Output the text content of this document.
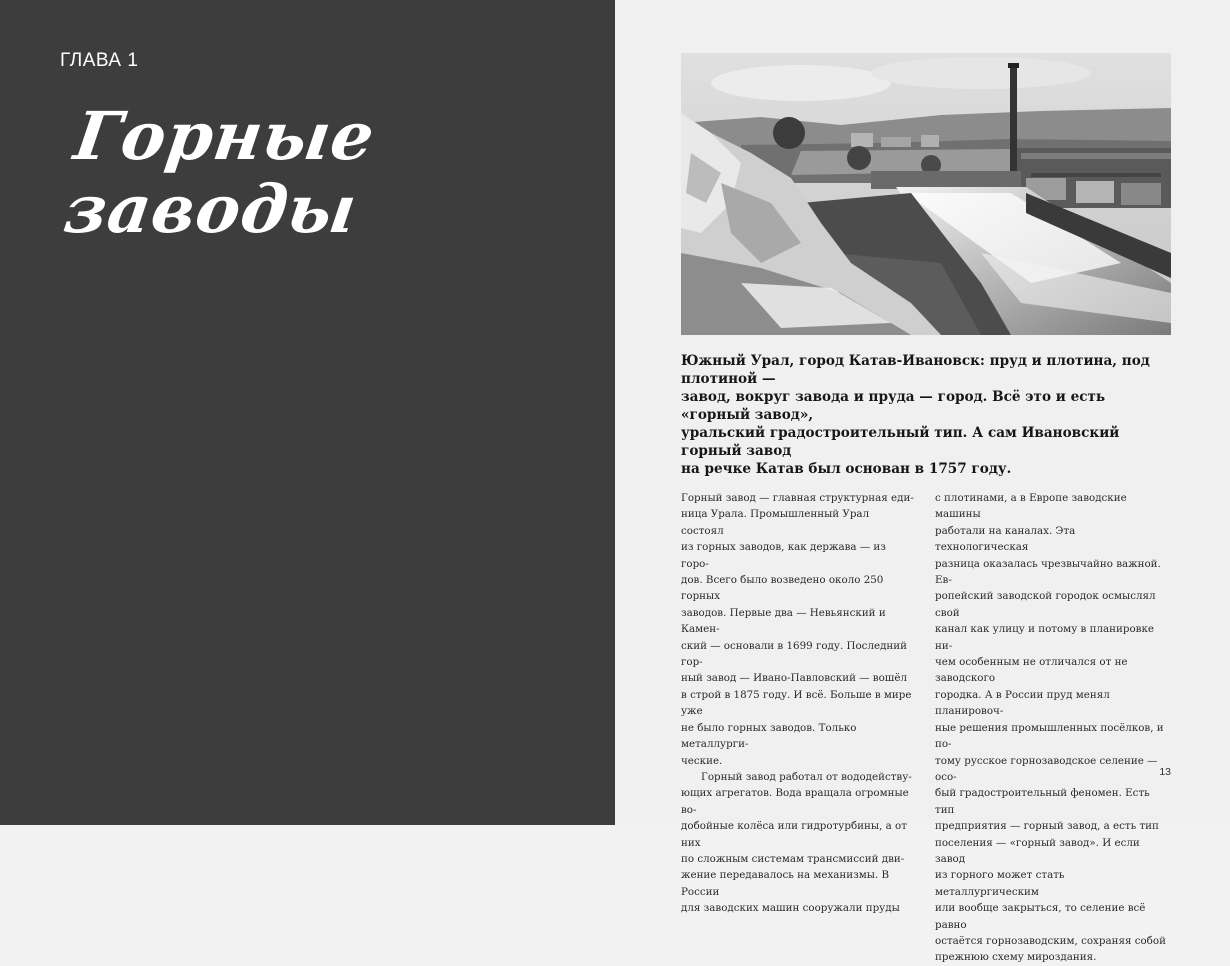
ГЛАВА 1
Горные заводы
Южный Урал, город Катав-Ивановск: пруд и плотина, под плотиной —
завод, вокруг завода и пруда — город. Всё это и есть «горный завод»,
уральский градостроительный тип. А сам Ивановский горный завод
на речке Катав был основан в 1757 году.

Горный завод — главная структурная еди-
ница Урала. Промышленный Урал состоял
из горных заводов, как держава — из горо-
дов. Всего было возведено около 250 горных
заводов. Первые два — Невьянский и Камен-
ский — основали в 1699 году. Последний гор-
ный завод — Ивано-Павловский — вошёл
в строй в 1875 году. И всё. Больше в мире уже
не было горных заводов. Только металлурги-
ческие.

Горный завод работал от вододейству-
ющих агрегатов. Вода вращала огромные во-
добойные колёса или гидротурбины, а от них
по сложным системам трансмиссий дви-
жение передавалось на механизмы. В России
для заводских машин сооружали пруды

с плотинами, а в Европе заводские машины
работали на каналах. Эта технологическая
разница оказалась чрезвычайно важной. Ев-
ропейский заводской городок осмыслял свой
канал как улицу и потому в планировке ни-
чем особенным не отличался от не заводского
городка. А в России пруд менял планировоч-
ные решения промышленных посёлков, и по-
тому русское горнозаводское селение — осо-
бый градостроительный феномен. Есть тип
предприятия — горный завод, а есть тип
поселения — «горный завод». И если завод
из горного может стать металлургическим
или вообще закрыться, то селение всё равно
остаётся горнозаводским, сохраняя собой
прежнюю схему мироздания.

13
